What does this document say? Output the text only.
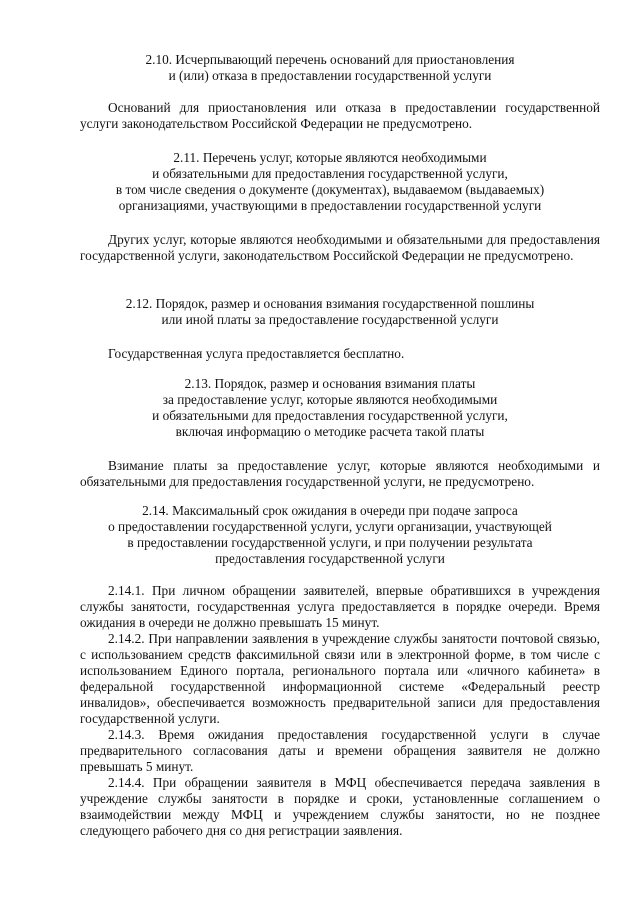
2.10. Исчерпывающий перечень оснований для приостановления
и (или) отказа в предоставлении государственной услуги

Оснований для приостановления или отказа в предоставлении государственной услуги законодательством Российской Федерации не предусмотрено.

2.11. Перечень услуг, которые являются необходимыми
и обязательными для предоставления государственной услуги,
в том числе сведения о документе (документах), выдаваемом (выдаваемых)
организациями, участвующими в предоставлении государственной услуги

Других услуг, которые являются необходимыми и обязательными для предоставления государственной услуги, законодательством Российской Федерации не предусмотрено.

2.12. Порядок, размер и основания взимания государственной пошлины
или иной платы за предоставление государственной услуги

Государственная услуга предоставляется бесплатно.

2.13. Порядок, размер и основания взимания платы
за предоставление услуг, которые являются необходимыми
и обязательными для предоставления государственной услуги,
включая информацию о методике расчета такой платы

Взимание платы за предоставление услуг, которые являются необходимыми и обязательными для предоставления государственной услуги, не предусмотрено.

2.14. Максимальный срок ожидания в очереди при подаче запроса
о предоставлении государственной услуги, услуги организации, участвующей
в предоставлении государственной услуги, и при получении результата
предоставления государственной услуги

2.14.1. При личном обращении заявителей, впервые обратившихся в учреждения службы занятости, государственная услуга предоставляется в порядке очереди. Время ожидания в очереди не должно превышать 15 минут.

2.14.2. При направлении заявления в учреждение службы занятости почтовой связью, с использованием средств факсимильной связи или в электронной форме, в том числе с использованием Единого портала, регионального портала или «личного кабинета» в федеральной государственной информационной системе «Федеральный реестр инвалидов», обеспечивается возможность предварительной записи для предоставления государственной услуги.

2.14.3. Время ожидания предоставления государственной услуги в случае предварительного согласования даты и времени обращения заявителя не должно превышать 5 минут.

2.14.4. При обращении заявителя в МФЦ обеспечивается передача заявления в учреждение службы занятости в порядке и сроки, установленные соглашением о взаимодействии между МФЦ и учреждением службы занятости, но не позднее следующего рабочего дня со дня регистрации заявления.
